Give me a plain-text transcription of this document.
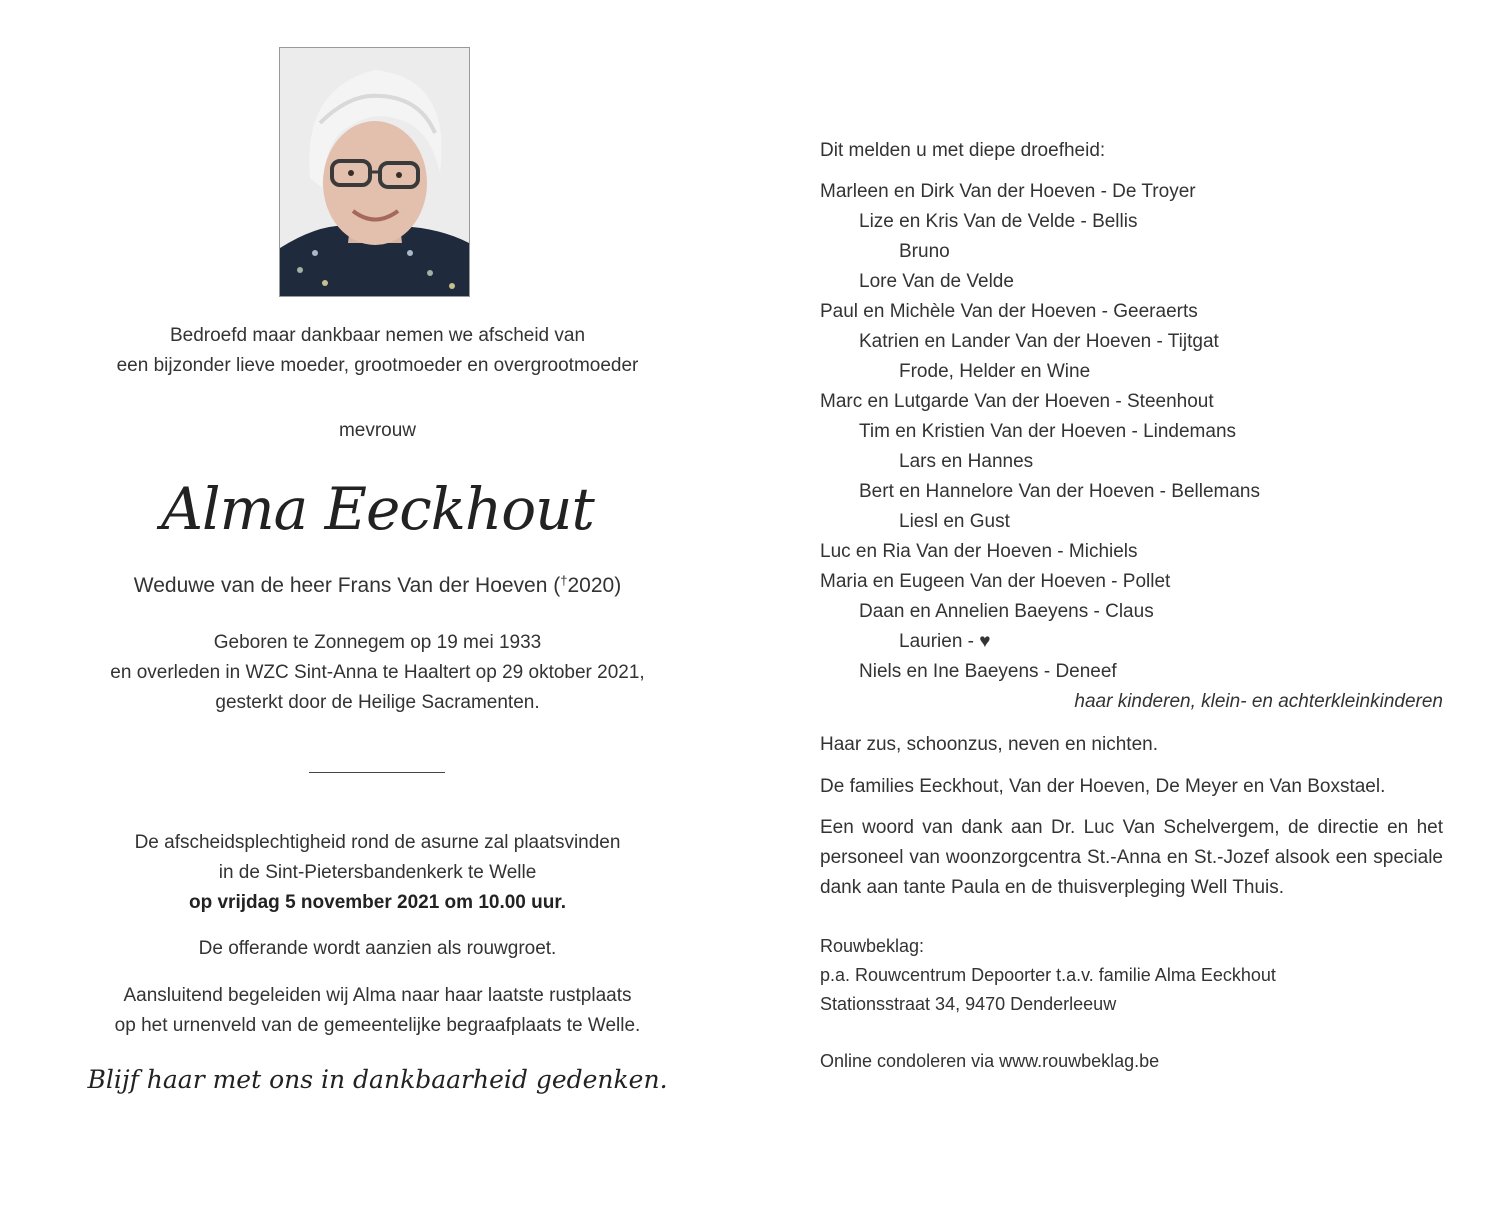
Bedroefd maar dankbaar nemen we afscheid van
een bijzonder lieve moeder, grootmoeder en overgrootmoeder
mevrouw
Alma Eeckhout
Weduwe van de heer Frans Van der Hoeven (†2020)
Geboren te Zonnegem op 19 mei 1933
en overleden in WZC Sint-Anna te Haaltert op 29 oktober 2021,
gesterkt door de Heilige Sacramenten.
De afscheidsplechtigheid rond de asurne zal plaatsvinden
in de Sint-Pietersbandenkerk te Welle
op vrijdag 5 november 2021 om 10.00 uur.
De offerande wordt aanzien als rouwgroet.
Aansluitend begeleiden wij Alma naar haar laatste rustplaats
op het urnenveld van de gemeentelijke begraafplaats te Welle.
Blijf haar met ons in dankbaarheid gedenken.
Dit melden u met diepe droefheid:
Marleen en Dirk Van der Hoeven - De Troyer
Lize en Kris Van de Velde - Bellis
Bruno
Lore Van de Velde
Paul en Michèle Van der Hoeven - Geeraerts
Katrien en Lander Van der Hoeven - Tijtgat
Frode, Helder en Wine
Marc en Lutgarde Van der Hoeven - Steenhout
Tim en Kristien Van der Hoeven - Lindemans
Lars en Hannes
Bert en Hannelore Van der Hoeven - Bellemans
Liesl en Gust
Luc en Ria Van der Hoeven - Michiels
Maria en Eugeen Van der Hoeven - Pollet
Daan en Annelien Baeyens - Claus
Laurien - ♥
Niels en Ine Baeyens - Deneef
haar kinderen, klein- en achterkleinkinderen
Haar zus, schoonzus, neven en nichten.
De families Eeckhout, Van der Hoeven, De Meyer en Van Boxstael.
Een woord van dank aan Dr. Luc Van Schelvergem, de directie en het personeel van woonzorgcentra St.-Anna en St.-Jozef alsook een speciale dank aan tante Paula en de thuisverpleging Well Thuis.
Rouwbeklag:
p.a. Rouwcentrum Depoorter t.a.v. familie Alma Eeckhout
Stationsstraat 34, 9470 Denderleeuw
Online condoleren via www.rouwbeklag.be
